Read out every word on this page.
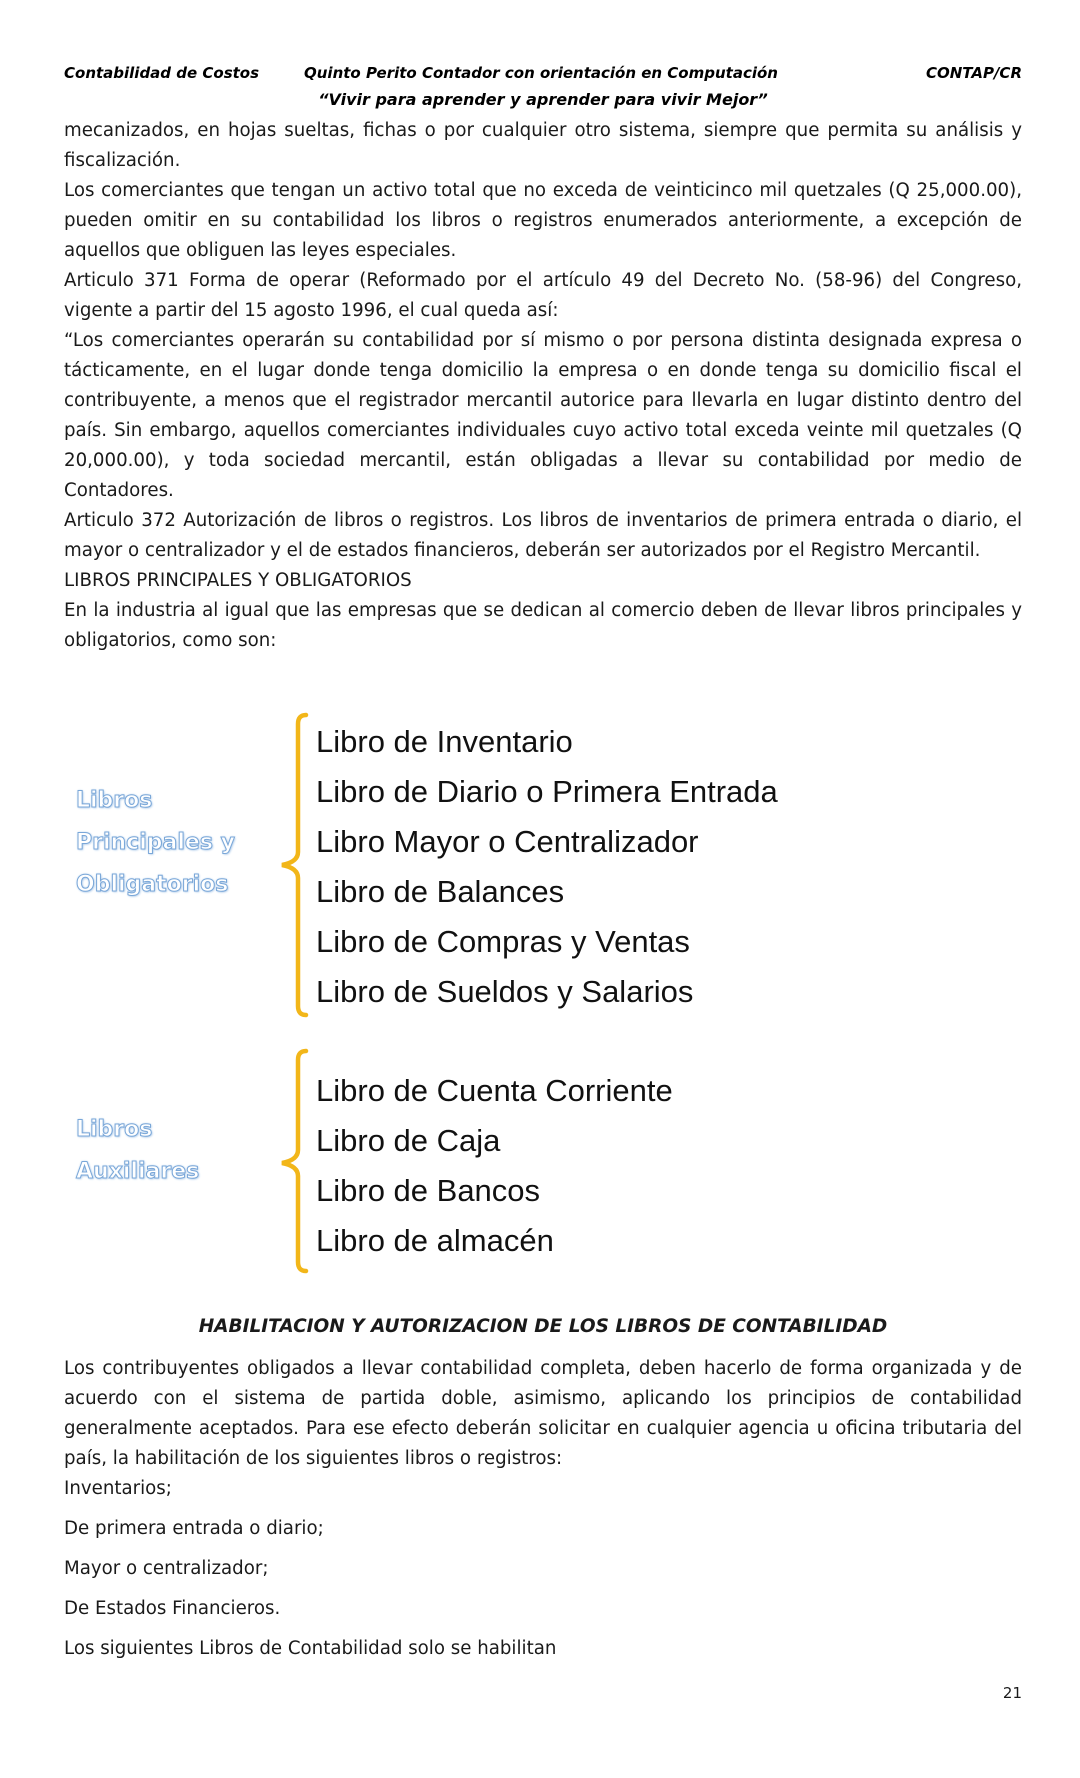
Contabilidad de Costos	Quinto Perito Contador con orientación en Computación	CONTAP/CR
“Vivir para aprender y aprender para vivir Mejor”

mecanizados, en hojas sueltas, fichas o por cualquier otro sistema, siempre que permita su análisis y fiscalización.

Los comerciantes que tengan un activo total que no exceda de veinticinco mil quetzales (Q 25,000.00), pueden omitir en su contabilidad los libros o registros enumerados anteriormente, a excepción de aquellos que obliguen las leyes especiales.

Articulo 371 Forma de operar (Reformado por el artículo 49 del Decreto No. (58-96) del Congreso, vigente a partir del 15 agosto 1996, el cual queda así:

“Los comerciantes operarán su contabilidad por sí mismo o por persona distinta designada expresa o tácticamente, en el lugar donde tenga domicilio la empresa o en donde tenga su domicilio fiscal el contribuyente, a menos que el registrador mercantil autorice para llevarla en lugar distinto dentro del país. Sin embargo, aquellos comerciantes individuales cuyo activo total exceda veinte mil quetzales (Q 20,000.00), y toda sociedad mercantil, están obligadas a llevar su contabilidad por medio de Contadores.

Articulo 372 Autorización de libros o registros. Los libros de inventarios de primera entrada o diario, el mayor o centralizador y el de estados financieros, deberán ser autorizados por el Registro Mercantil.

LIBROS PRINCIPALES Y OBLIGATORIOS

En la industria al igual que las empresas que se dedican al comercio deben de llevar libros principales y obligatorios, como son:

Libros
Principales y
Obligatorios
Libro de Inventario
Libro de Diario o Primera Entrada
Libro Mayor o Centralizador
Libro de Balances
Libro de Compras y Ventas
Libro de Sueldos y Salarios
Libros
Auxiliares
Libro de Cuenta Corriente
Libro de Caja
Libro de Bancos
Libro de almacén
HABILITACION Y AUTORIZACION DE LOS LIBROS DE CONTABILIDAD

Los contribuyentes obligados a llevar contabilidad completa, deben hacerlo de forma organizada y de acuerdo con el sistema de partida doble, asimismo, aplicando los principios de contabilidad generalmente aceptados. Para ese efecto deberán solicitar en cualquier agencia u oficina tributaria del país, la habilitación de los siguientes libros o registros:

Inventarios;
De primera entrada o diario;
Mayor o centralizador;
De Estados Financieros.
Los siguientes Libros de Contabilidad solo se habilitan
21
